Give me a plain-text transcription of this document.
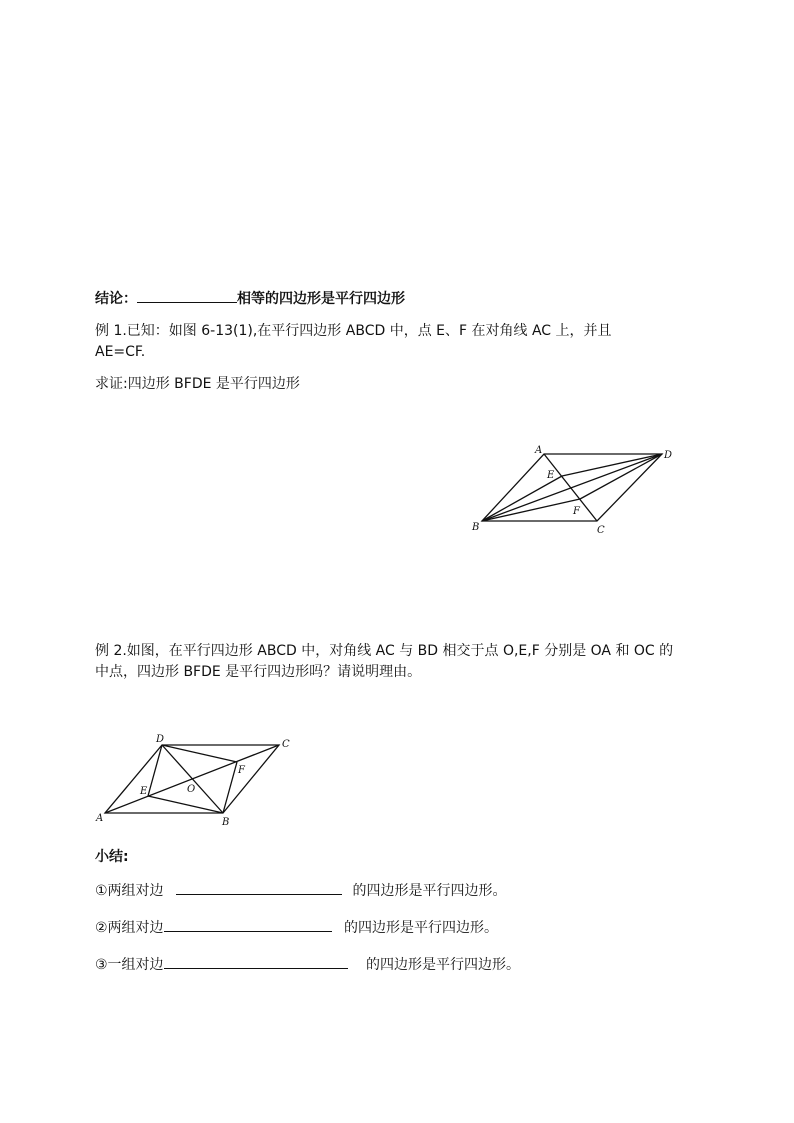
结论：	相等的四边形是平行四边形
例 1.已知：如图 6-13(1),在平行四边形 ABCD 中，点 E、F 在对角线 AC 上，并且
AE=CF.
求证:四边形 BFDE 是平行四边形
A	D
E
F
B	C
例 2.如图，在平行四边形 ABCD 中，对角线 AC 与 BD 相交于点 O,E,F 分别是 OA 和 OC 的
中点，四边形 BFDE 是平行四边形吗？请说明理由。
D	C
F
O
E
A	B
小结:
①两组对边	的四边形是平行四边形。
②两组对边	的四边形是平行四边形。
③一组对边	的四边形是平行四边形。
